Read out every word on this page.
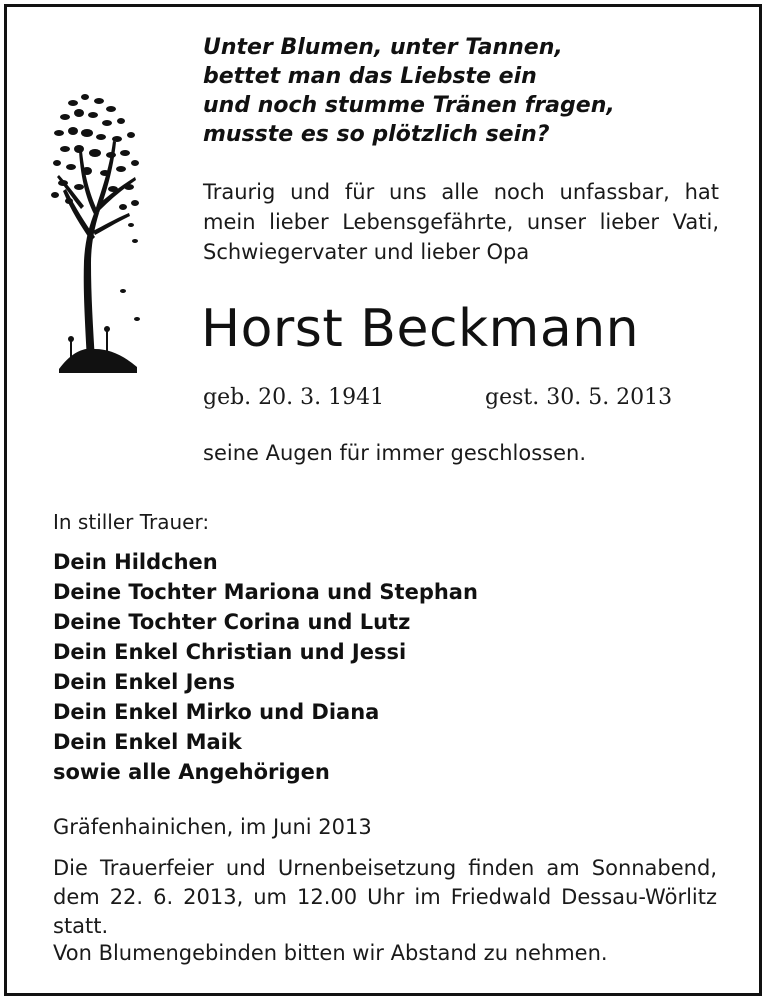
Unter Blumen, unter Tannen,
bettet man das Liebste ein
und noch stumme Tränen fragen,
musste es so plötzlich sein?
Traurig und für uns alle noch unfassbar, hat mein lieber Lebensgefährte, unser lieber Vati, Schwiegervater und lieber Opa
Horst Beckmann
geb. 20. 3. 1941	gest. 30. 5. 2013
seine Augen für immer geschlossen.
In stiller Trauer:
Dein Hildchen
Deine Tochter Mariona und Stephan
Deine Tochter Corina und Lutz
Dein Enkel Christian und Jessi
Dein Enkel Jens
Dein Enkel Mirko und Diana
Dein Enkel Maik
sowie alle Angehörigen
Gräfenhainichen, im Juni 2013
Die Trauerfeier und Urnenbeisetzung finden am Sonnabend, dem 22. 6. 2013, um 12.00 Uhr im Friedwald Dessau-Wörlitz statt.
Von Blumengebinden bitten wir Abstand zu nehmen.
